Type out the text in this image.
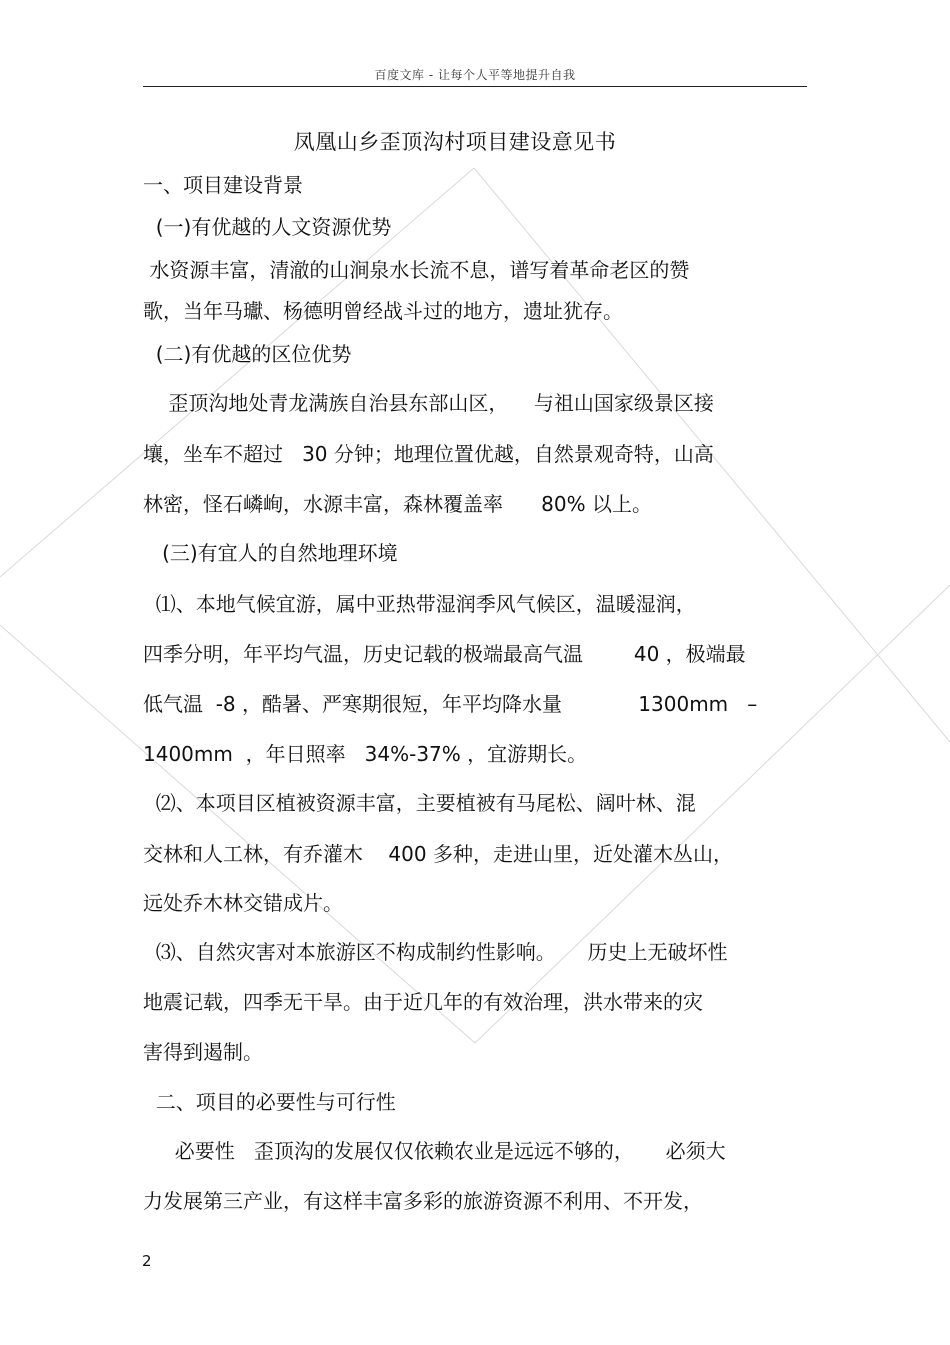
百度文库 - 让每个人平等地提升自我
凤凰山乡歪顶沟村项目建设意见书
一、项目建设背景
(一)有优越的人文资源优势
水资源丰富，清澈的山涧泉水长流不息，谱写着革命老区的赞
歌，当年马瓛、杨德明曾经战斗过的地方，遗址犹存。
(二)有优越的区位优势
歪顶沟地处青龙满族自治县东部山区，    与祖山国家级景区接
壤，坐车不超过   30 分钟；地理位置优越，自然景观奇特，山高
林密，怪石嶙峋，水源丰富，森林覆盖率      80% 以上。
(三)有宜人的自然地理环境
⑴、本地气候宜游，属中亚热带湿润季风气候区，温暖湿润，
四季分明，年平均气温，历史记载的极端最高气温        40 ，极端最
低气温  -8 ，酷暑、严寒期很短，年平均降水量            1300mm   –
1400mm  ，年日照率   34%-37% ，宜游期长。
⑵、本项目区植被资源丰富，主要植被有马尾松、阔叶林、混
交林和人工林，有乔灌木    400 多种，走进山里，近处灌木丛山，
远处乔木林交错成片。
⑶、自然灾害对本旅游区不构成制约性影响。     历史上无破坏性
地震记载，四季无干旱。由于近几年的有效治理，洪水带来的灾
害得到遏制。
二、项目的必要性与可行性
必要性   歪顶沟的发展仅仅依赖农业是远远不够的，     必须大
力发展第三产业，有这样丰富多彩的旅游资源不利用、不开发，
2
